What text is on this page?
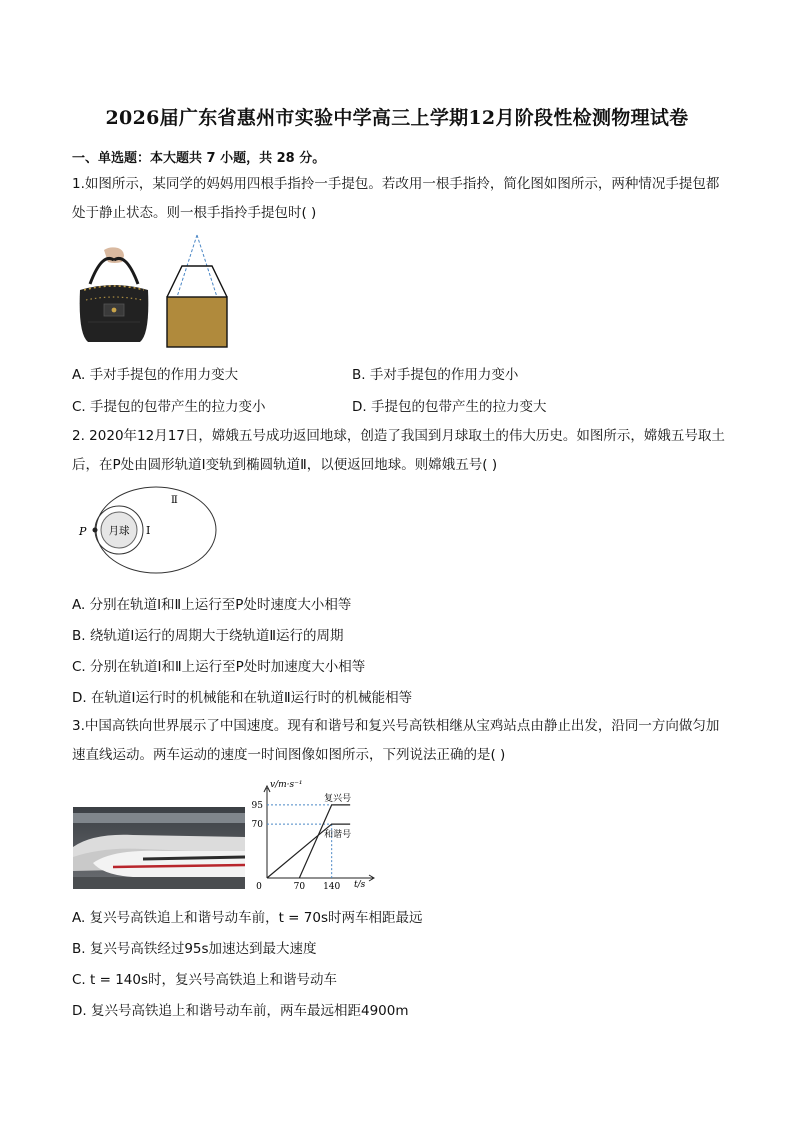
2026届广东省惠州市实验中学高三上学期12月阶段性检测物理试卷
一、单选题：本大题共 7 小题，共 28 分。
1.如图所示，某同学的妈妈用四根手指拎一手提包。若改用一根手指拎，简化图如图所示，两种情况手提包都处于静止状态。则一根手指拎手提包时( )
A. 手对手提包的作用力变大	B. 手对手提包的作用力变小
C. 手提包的包带产生的拉力变小	D. 手提包的包带产生的拉力变大
2. 2020年12月17日，嫦娥五号成功返回地球，创造了我国到月球取土的伟大历史。如图所示，嫦娥五号取土后，在P处由圆形轨道Ⅰ变轨到椭圆轨道Ⅱ，以便返回地球。则嫦娥五号( )
P 月球 Ⅰ
Ⅱ
A. 分别在轨道Ⅰ和Ⅱ上运行至P处时速度大小相等
B. 绕轨道Ⅰ运行的周期大于绕轨道Ⅱ运行的周期
C. 分别在轨道Ⅰ和Ⅱ上运行至P处时加速度大小相等
D. 在轨道Ⅰ运行时的机械能和在轨道Ⅱ运行时的机械能相等
3.中国高铁向世界展示了中国速度。现有和谐号和复兴号高铁相继从宝鸡站点由静止出发，沿同一方向做匀加速直线运动。两车运动的速度一时间图像如图所示，下列说法正确的是( )
v/m·s⁻¹
t/s
复兴号
和谐号
70
95
0	70 140
A. 复兴号高铁追上和谐号动车前，t = 70s时两车相距最远
B. 复兴号高铁经过95s加速达到最大速度
C. t = 140s时，复兴号高铁追上和谐号动车
D. 复兴号高铁追上和谐号动车前，两车最远相距4900m
